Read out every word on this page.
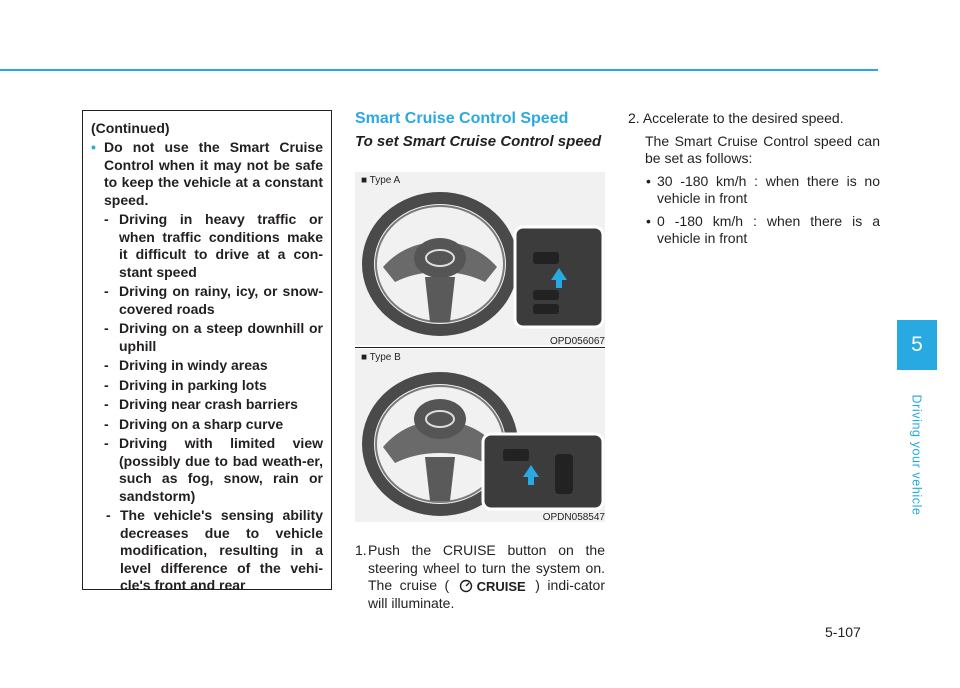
5
Driving your vehicle
(Continued)
• Do not use the Smart Cruise Control when it may not be safe to keep the vehicle at a constant speed.
- Driving in heavy traffic or when traffic conditions make it difficult to drive at a con-stant speed
- Driving on rainy, icy, or snow-covered roads
- Driving on a steep downhill or uphill
- Driving in windy areas
- Driving in parking lots
- Driving near crash barriers
- Driving on a sharp curve
- Driving with limited view (possibly due to bad weath-er, such as fog, snow, rain or sandstorm)
- The vehicle's sensing ability decreases due to vehicle modification, resulting in a level difference of the vehi-cle's front and rear
Smart Cruise Control Speed
To set Smart Cruise Control speed
■ Type A
OPD056067
■ Type B
OPDN058547
1. Push the CRUISE button on the steering wheel to turn the system on. The cruise ( CRUISE ) indi-cator will illuminate.
2. Accelerate to the desired speed.
The Smart Cruise Control speed can be set as follows:
• 30 -180 km/h : when there is no vehicle in front
• 0 -180 km/h : when there is a vehicle in front
5-107
